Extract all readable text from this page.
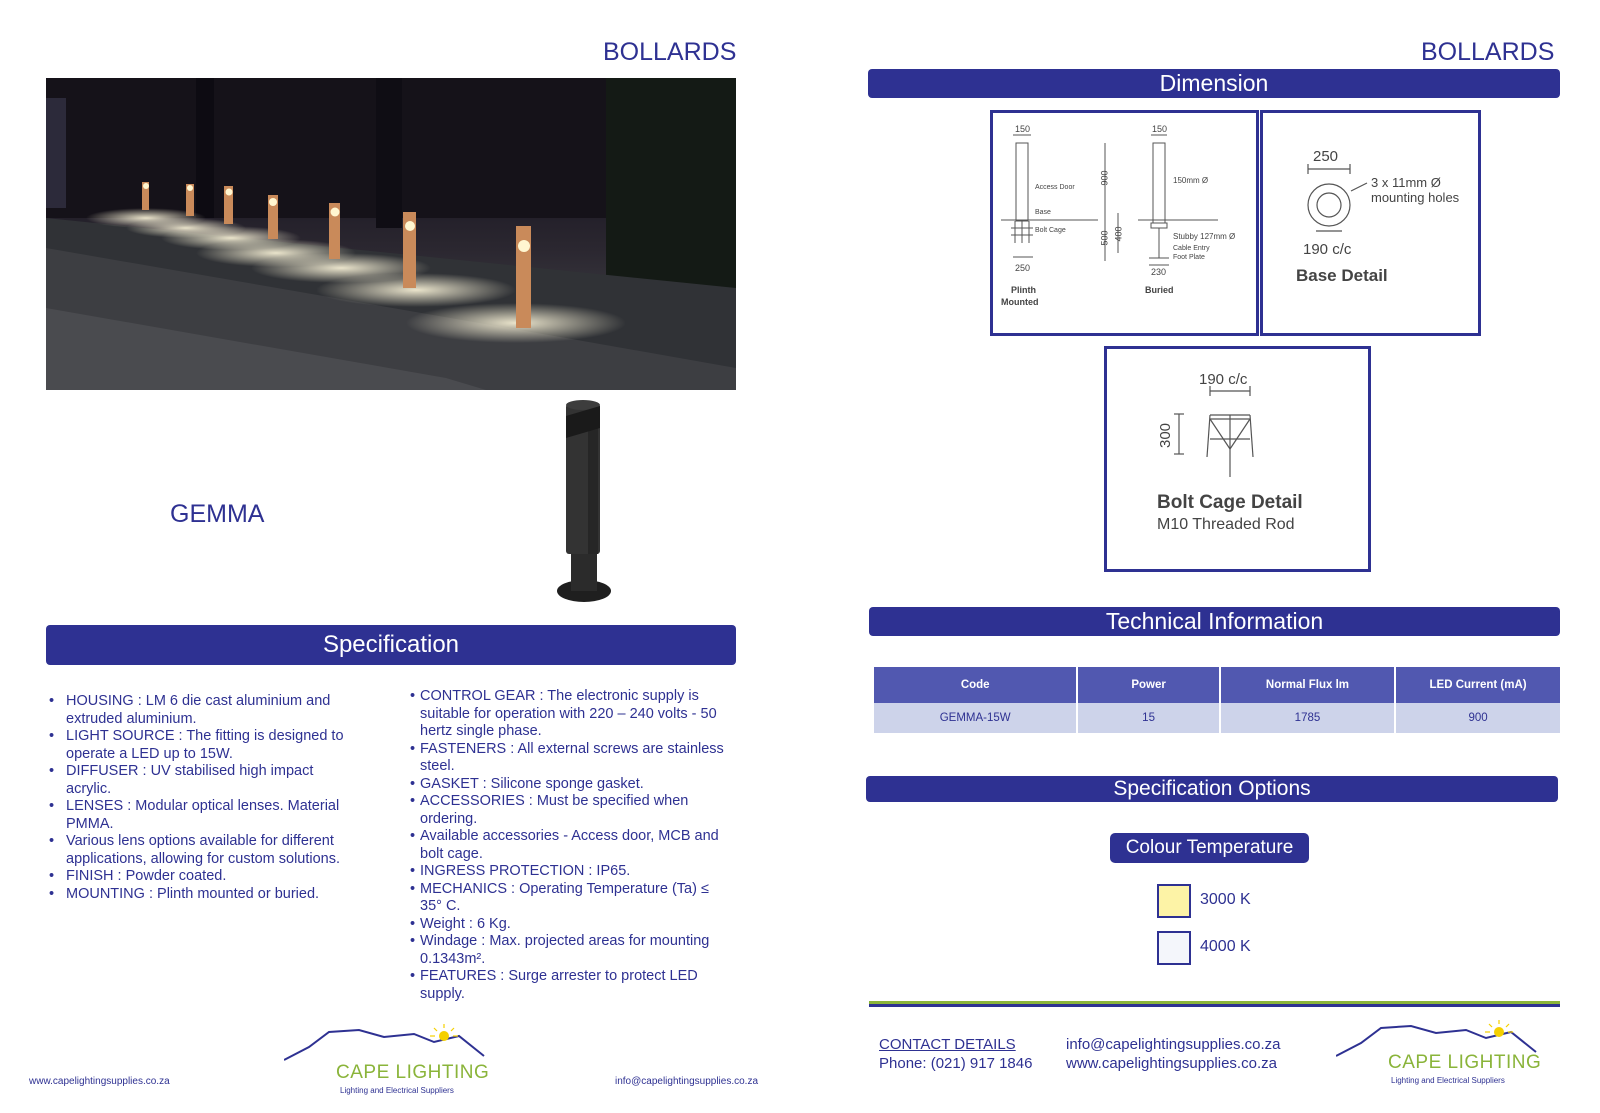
BOLLARDS
GEMMA
Specification
• HOUSING : LM 6 die cast aluminium and extruded aluminium.
• LIGHT SOURCE : The fitting is designed to operate a LED up to 15W.
• DIFFUSER : UV stabilised high impact acrylic.
• LENSES : Modular optical lenses. Material PMMA.
• Various lens options available for different applications, allowing for custom solutions.
• FINISH : Powder coated.
• MOUNTING : Plinth mounted or buried.
• CONTROL GEAR : The electronic supply is suitable for operation with 220 – 240 volts - 50 hertz single phase.
• FASTENERS : All external screws are stainless steel.
• GASKET : Silicone sponge gasket.
• ACCESSORIES : Must be specified when ordering.
• Available accessories - Access door, MCB and bolt cage.
• INGRESS PROTECTION : IP65.
• MECHANICS : Operating Temperature (Ta) ≤ 35° C.
• Weight : 6 Kg.
• Windage : Max. projected areas for mounting 0.1343m².
• FEATURES : Surge arrester to protect LED supply.
www.capelightingsupplies.co.za	info@capelightingsupplies.co.za
CAPE LIGHTING
Lighting and Electrical Suppliers
BOLLARDS
Dimension
150
Access Door
Base
Bolt Cage
250
Plinth
Mounted
900
500 400
150
150mm Ø
Stubby 127mm Ø
Cable Entry
Foot Plate
230
Buried
250
3 x 11mm Ø
mounting holes
190 c/c
Base Detail
190 c/c
300
Bolt Cage Detail
M10 Threaded Rod
Technical Information
Code	Power	Normal Flux lm	LED Current (mA)
GEMMA-15W	15	1785	900
Specification Options
Colour Temperature
3000 K
4000 K
CONTACT DETAILS
Phone: (021) 917 1846
info@capelightingsupplies.co.za
www.capelightingsupplies.co.za	CAPE LIGHTING
Lighting and Electrical Suppliers
